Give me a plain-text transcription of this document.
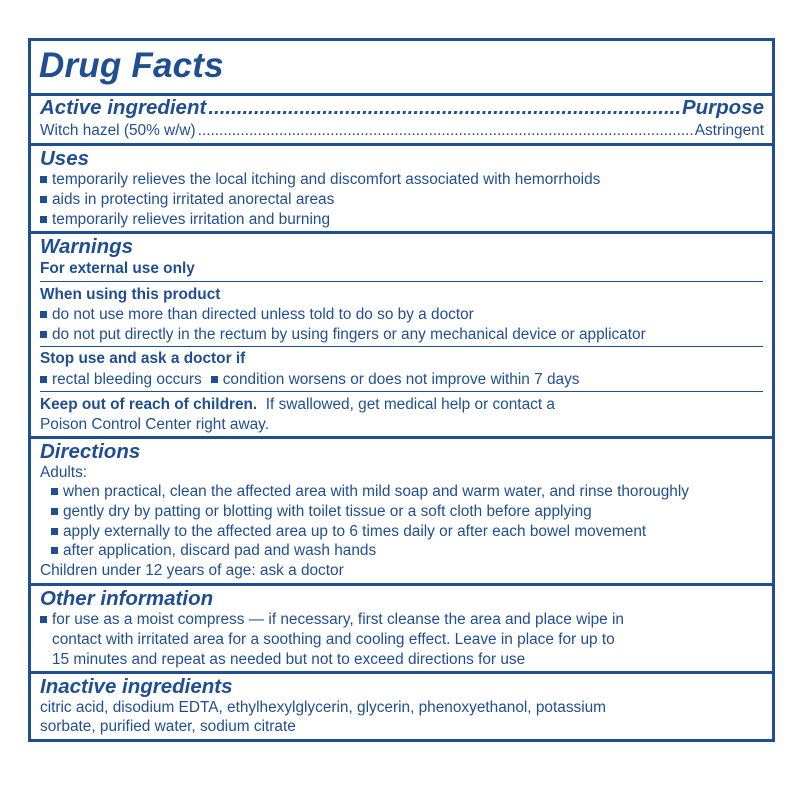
Drug Facts
Active ingredient .....	Purpose
Witch hazel (50% w/w) .....	Astringent
Uses
temporarily relieves the local itching and discomfort associated with hemorrhoids
aids in protecting irritated anorectal areas
temporarily relieves irritation and burning
Warnings
For external use only
When using this product
do not use more than directed unless told to do so by a doctor
do not put directly in the rectum by using fingers or any mechanical device or applicator
Stop use and ask a doctor if
rectal bleeding occurs condition worsens or does not improve within 7 days
Keep out of reach of children. If swallowed, get medical help or contact a
Poison Control Center right away.
Directions
Adults:
when practical, clean the affected area with mild soap and warm water, and rinse thoroughly
gently dry by patting or blotting with toilet tissue or a soft cloth before applying
apply externally to the affected area up to 6 times daily or after each bowel movement
after application, discard pad and wash hands
Children under 12 years of age: ask a doctor
Other information
for use as a moist compress — if necessary, first cleanse the area and place wipe in
contact with irritated area for a soothing and cooling effect. Leave in place for up to
15 minutes and repeat as needed but not to exceed directions for use
Inactive ingredients
citric acid, disodium EDTA, ethylhexylglycerin, glycerin, phenoxyethanol, potassium
sorbate, purified water, sodium citrate
